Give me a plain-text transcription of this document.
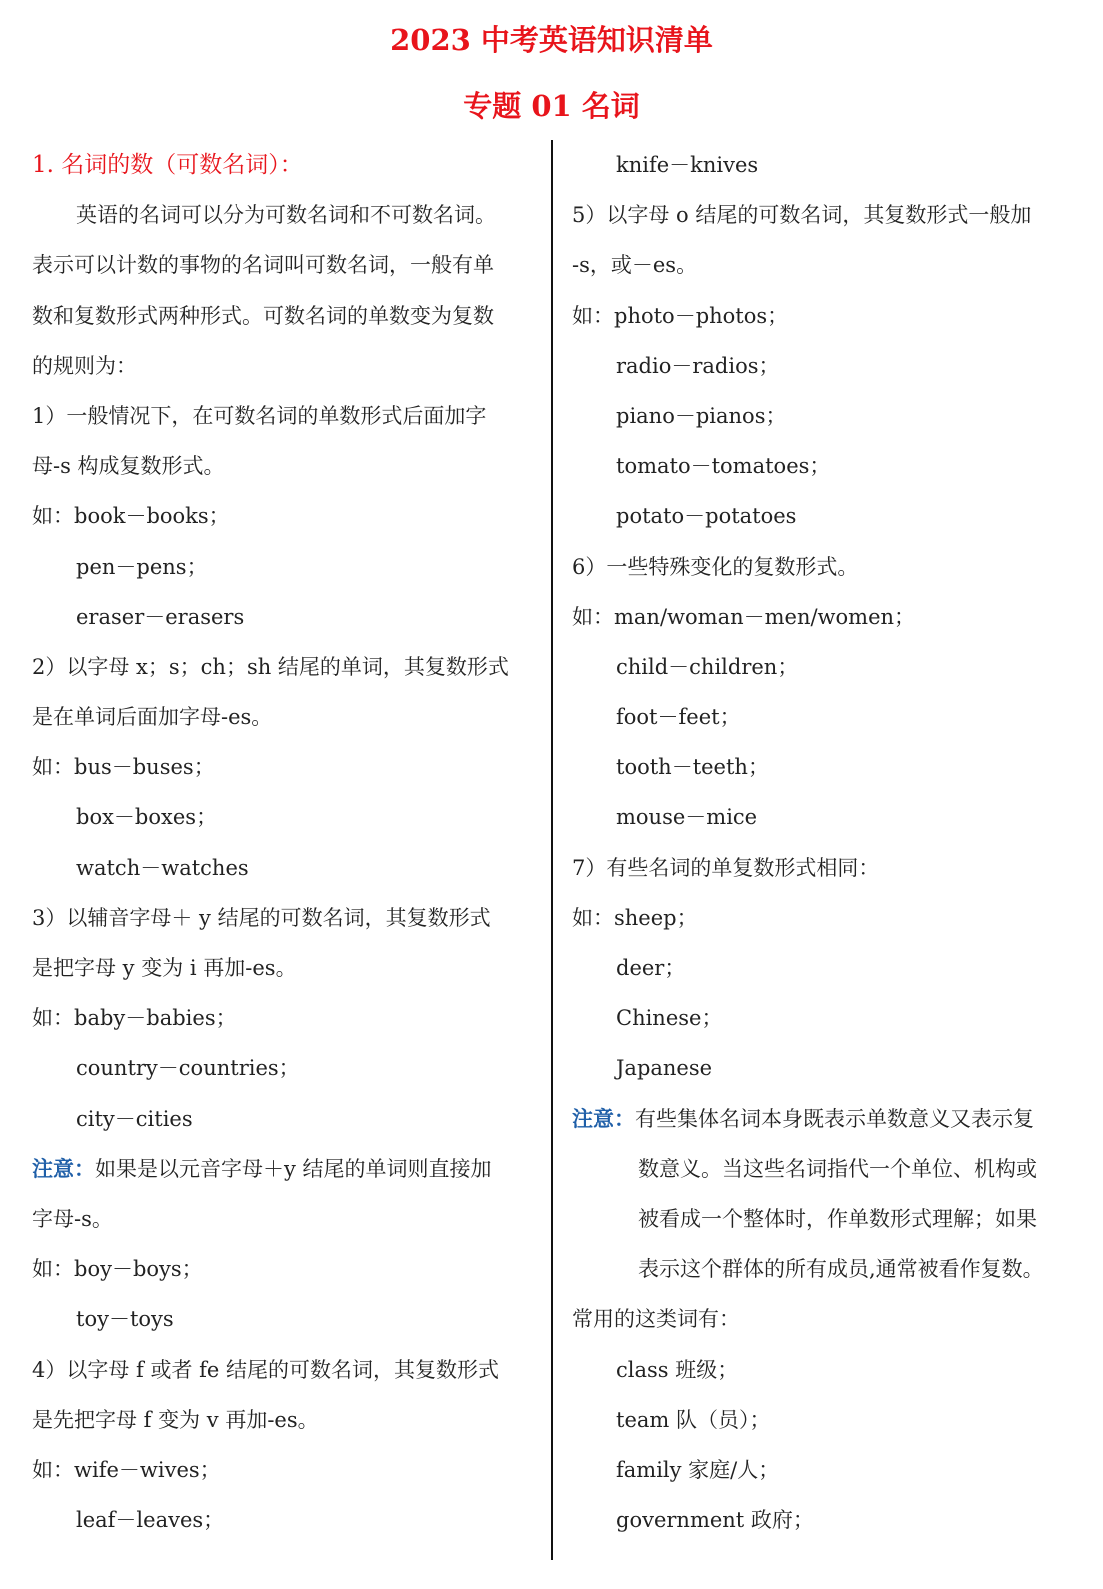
2023 中考英语知识清单
专题 01 名词
1. 名词的数（可数名词）：
英语的名词可以分为可数名词和不可数名词。
表示可以计数的事物的名词叫可数名词，一般有单
数和复数形式两种形式。可数名词的单数变为复数
的规则为：
1）一般情况下，在可数名词的单数形式后面加字
母-s 构成复数形式。
如：book－books；
pen－pens；
eraser－erasers
2）以字母 x；s；ch；sh 结尾的单词，其复数形式
是在单词后面加字母-es。
如：bus－buses；
box－boxes；
watch－watches
3）以辅音字母＋ y 结尾的可数名词，其复数形式
是把字母 y 变为 i 再加-es。
如：baby－babies；
country－countries；
city－cities
注意：如果是以元音字母＋y 结尾的单词则直接加
字母-s。
如：boy－boys；
toy－toys
4）以字母 f 或者 fe 结尾的可数名词，其复数形式
是先把字母 f 变为 v 再加-es。
如：wife－wives；
leaf－leaves；
knife－knives
5）以字母 o 结尾的可数名词，其复数形式一般加
-s，或－es。
如：photo－photos；
radio－radios；
piano－pianos；
tomato－tomatoes；
potato－potatoes
6）一些特殊变化的复数形式。
如：man/woman－men/women；
child－children；
foot－feet；
tooth－teeth；
mouse－mice
7）有些名词的单复数形式相同：
如：sheep；
deer；
Chinese；
Japanese
注意：有些集体名词本身既表示单数意义又表示复
数意义。当这些名词指代一个单位、机构或
被看成一个整体时，作单数形式理解；如果
表示这个群体的所有成员,通常被看作复数。
常用的这类词有：
class 班级；
team 队（员）；
family 家庭/人；
government 政府；
